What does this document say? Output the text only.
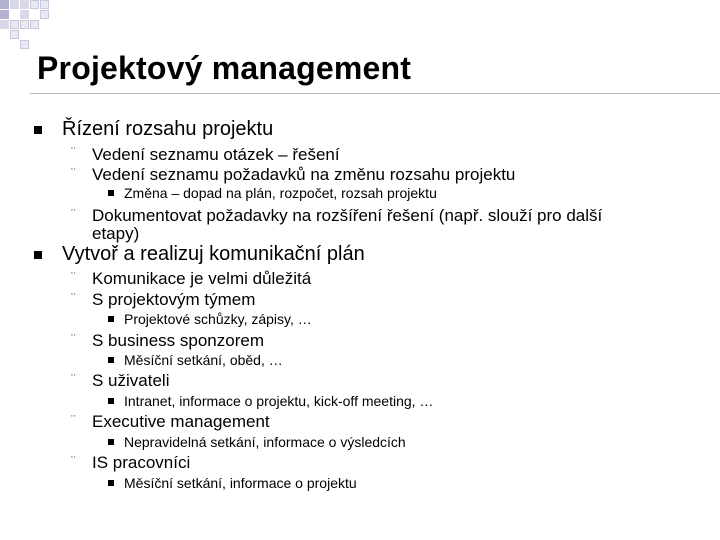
Projektový management
Řízení rozsahu projektu
¨ Vedení seznamu otázek – řešení
¨ Vedení seznamu požadavků na změnu rozsahu projektu
Změna – dopad na plán, rozpočet, rozsah projektu
¨ Dokumentovat požadavky na rozšíření řešení (např. slouží pro další
etapy)
Vytvoř a realizuj komunikační plán
¨ Komunikace je velmi důležitá
¨ S projektovým týmem
Projektové schůzky, zápisy, …
¨ S business sponzorem
Měsíční setkání, oběd, …
¨ S uživateli
Intranet, informace o projektu, kick-off meeting, …
¨ Executive management
Nepravidelná setkání, informace o výsledcích
¨ IS pracovníci
Měsíční setkání, informace o projektu
